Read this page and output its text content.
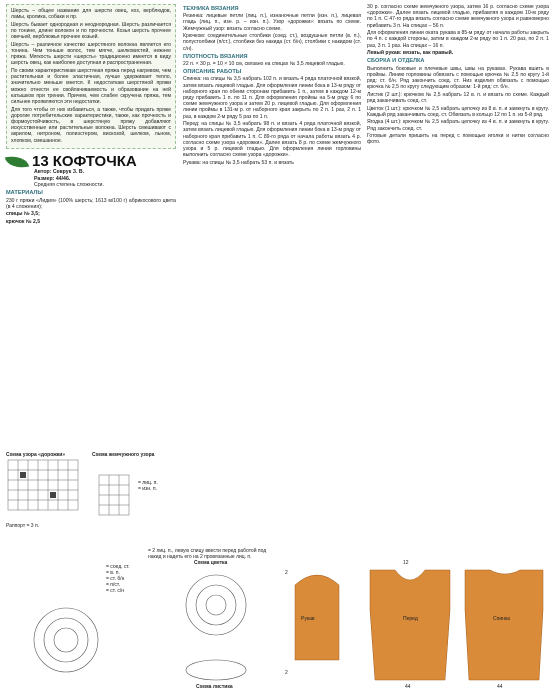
Шерсть – общее название для шерсти овец, коз, верблюдов, ламы, кролика, собаки и пр.

Шерсть бывает однородная и неоднородная. Шерсть различается по тонине, длине волокон и по прочности. Козья шерсть прочнее овечьей, верблюжья прочнее козьей.

Шерсть – различное качество шерстяного волокна является его тонина. Чем тоньше волос, тем мягче, шелковистей, нежнее пряжа. Мягкость шерсти «шерсть» традиционно имеется в виду шерсть овец, как наиболее доступная и распространенная.

По своим характеристикам шерстяная пряжа перед нагревом, чем растительная и более эластичная, лучше удерживает тепло, значительно меньше мнется. К недостаткам шерстяной пряжи можно отнести ее свойлачиваемость и образование на ней катышков при трении. Причем, чем слабее скручена пряжа, тем сильнее проявляются эти недостатки.

Для того чтобы от них избавиться, а также, чтобы придать пряже дорогие потребительские характеристики, также, как прочность и формоустойчивость, в шерстяную пряжу добавляют искусственные или растительные волокна. Шерсть смешивают с акрилом, нитроном, полиэстером, вискозой, шелком, льном, хлопком, смешанное.

13 КОФТОЧКА
Автор: Севрук З. В.
Размер: 44/46.
Средняя степень сложности.
МАТЕРИАЛЫ

230 г пряжи «Лидия» (100% шерсть; 1613 м/100 г) абрикосового цвета (в 4 сложения);

спицы № 3,5;

крючок № 2,5

ТЕХНИКА ВЯЗАНИЯ

Резинка: лицевые петли (лиц. п.), изнаночные петли (изн. п.), лицевая гладь (лиц. п., изн. р. – изн. п.). Узор «дорожки»: вязать по схеме. Жемчужный узор: вязать согласно схеме.

Крючком: соединительные столбики (соед. ст.), воздушные петли (в. п.), полустолбики (п/ст.), столбики без накида (ст. б/н), столбики с накидом (ст. с/н).

ПЛОТНОСТЬ ВЯЗАНИЯ

22 п. × 30 р. = 10 × 10 см, связано на спицах № 3,5 лицевой гладью.

ОПИСАНИЕ РАБОТЫ

Спинка: на спицы № 3,5 набрать 102 п. и вязать 4 ряда платочной вязкой, затем вязать лицевой гладью. Для оформления линии бока в 13-м ряду от наборного края по обеим сторонам прибавить 1 п., затем в каждом 12-м ряду прибавить 1 п. по 11 п. Для оформления проймы на 5-м ряду 6 по схеме жемчужного узора и затем 20 р. лицевой гладью. Для оформления линии проймы в 131-м р. от наборного края закрыть по 2 п. 1 раз, 2 п. 1 раз, в каждом 2-м ряду 5 раз по 1 п.

Перед: на спицы № 3,5 набрать 98 п. и вязать 4 ряда платочной вязкой, затем вязать лицевой гладью. Для оформления линии бока в 13-м ряду от наборного края прибавить 1 п. С 89-го ряда от начала работы вязать 4 р. согласно схеме узора «дорожки». Далее вязать 8 р. по схеме жемчужного узора и 5 р. лицевой гладью. Для оформления линии горловины выполнить согласно схеме узора «дорожки».

Рукава: на спицы № 3,5 набрать 53 п. и вязать

30 р. согласно схеме жемчужного узора, затем 16 р. согласно схеме узора «дорожки». Далее вязать лицевой гладью, прибавляя в каждом 10-м ряду по 1 п. С 47-го ряда вязать согласно схеме жемчужного узора и равномерно прибавить 3 п. На спицах – 56 п.

Для оформления линии оката рукава в 85-м ряду от начала работы закрыть по 4 п. с каждой стороны, затем в каждом 2-м ряду по 1 п. 20 раз, по 2 п. 1 раз, 3 п. 1 раз. На спицах – 16 п.

Левый рукав: вязать, как правый.

СБОРКА И ОТДЕЛКА

Выполнить боковые и плечевые швы, швы на рукавах. Рукава вшить в проймы. Линию горловины обвязать с помощью крючка № 2,5 по кругу 1-й ряд: ст. б/н. Ряд закончить соед. ст. Низ изделия обвязать с помощью крючка № 2,5 по кругу следующим образом: 1-й ряд: ст. б/н.

Листик (2 шт.): крючком № 2,5 набрать 12 в. п. и вязать по схеме. Каждый ряд заканчивать соед. ст.

Цветок (1 шт.): крючком № 2,5 набрать цепочку из 8 в. п. и замкнуть в кругу. Каждый ряд заканчивать соед. ст. Обвязать в кольцо 12 по 1 п. из 5-й ряд.

Ягодка (4 шт.): крючком № 2,5 набрать цепочку из 4 в. п. и замкнуть в кругу. Ряд закончить соед. ст.

Готовые детали пришить на перед с помощью иголки и нитки согласно фото.

Схема узора «дорожки»
Раппорт = 3 п.
Схема жемчужного узора
= лиц. п.
= изн. п.
= 2 лиц. п., левую спицу ввести перед работой под накид и надеть его на 2 провязанные лиц. п.
= соед. ст.
= в. п.
= ст. б/н
= п/ст.
= ст. с/н
Схема цветка
Схема листика
Рукав	Перед	Спинка
2
12
2
44	44
